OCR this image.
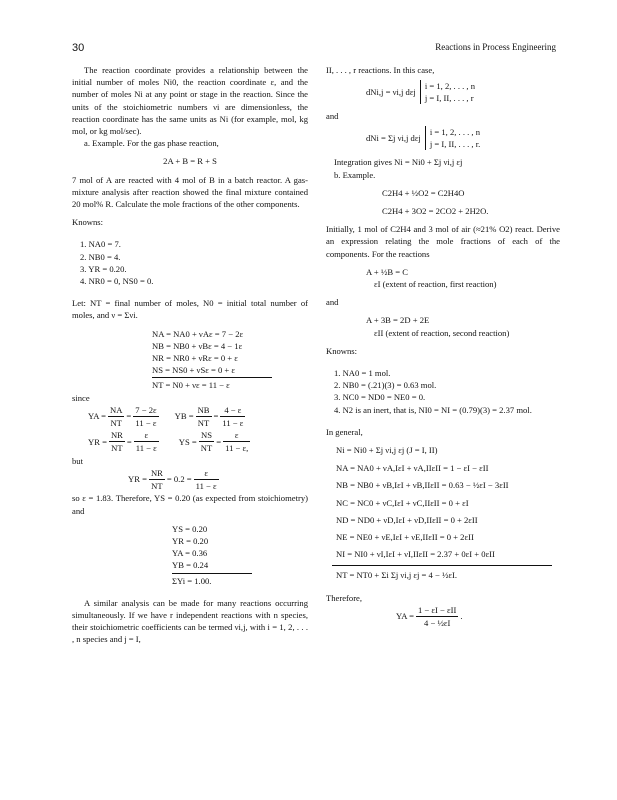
30	Reactions in Process Engineering

The reaction coordinate provides a relationship between the initial number of moles Ni0, the reaction coordinate ε, and the number of moles Ni at any point or stage in the reaction. Since the units of the stoichiometric numbers νi are dimensionless, the reaction coordinate has the same units as Ni (for example, mol, kg mol, or kg mol/sec).

a. Example. For the gas phase reaction,

2A + B = R + S

7 mol of A are reacted with 4 mol of B in a batch reactor. A gas-mixture analysis after reaction showed the final mixture contained 20 mol% R. Calculate the mole fractions of the other components.

Knowns:
1. NA0 = 7.
2. NB0 = 4.
3. YR = 0.20.
4. NR0 = 0, NS0 = 0.

Let: NT = final number of moles, N0 = initial total number of moles, and ν = Σνi.

NA = NA0 + νAε = 7 − 2ε
NB = NB0 + νBε = 4 − 1ε
NR = NR0 + νRε = 0 + ε
NS = NS0 + νSε = 0 + ε
NT = N0 + νε = 11 − ε
since
YA = $\frac{NA}{NT} = \frac{7 - 2\varepsilon}{11 - \varepsilon}$ YB = $\frac{NB}{NT} = \frac{4 - \varepsilon}{11 - \varepsilon}$
YR = $\frac{NR}{NT} = \frac{\varepsilon}{11 - \varepsilon}$ YS = $\frac{NS}{NT} = \frac{\varepsilon}{11 - \varepsilon,}$
but
YR = $\frac{NR}{NT} = 0.2 = \frac{\varepsilon}{11 - \varepsilon}$

so ε = 1.83. Therefore, YS = 0.20 (as expected from stoichiometry) and

YS = 0.20
YR = 0.20
YA = 0.36
YB = 0.24
ΣYi = 1.00.

A similar analysis can be made for many reactions occurring simultaneously. If we have r independent reactions with n species, their stoichiometric coefficients can be termed νi,j, with i = 1, 2, . . . , n species and j = I,

II, . . . , r reactions. In this case,

dNi,j = νi,j dεj
i = 1, 2, . . . , n
j = I, II, . . . , r
and
dNi = Σj νi,j dεj
i = 1, 2, . . . , n
j = I, II, . . . , r.
Integration gives Ni = Ni0 + Σj νi,j εj
b. Example.
C2H4 + ½O2 = C2H4O
C2H4 + 3O2 = 2CO2 + 2H2O.

Initially, 1 mol of C2H4 and 3 mol of air (≈21% O2) react. Derive an expression relating the mole fractions of each of the components. For the reactions

A + ½B = C
εI (extent of reaction, first reaction)
and
A + 3B = 2D + 2E
εII (extent of reaction, second reaction)
Knowns:
1. NA0 = 1 mol.
2. NB0 = (.21)(3) = 0.63 mol.
3. NC0 = ND0 = NE0 = 0.
4. N2 is an inert, that is, NI0 = NI = (0.79)(3) = 2.37 mol.
In general,
Ni = Ni0 + Σj νi,j εj (J = I, II)
NA = NA0 + νA,IεI + νA,IIεII = 1 − εI − εII
NB = NB0 + νB,IεI + νB,IIεII = 0.63 − ½εI − 3εII
NC = NC0 + νC,IεI + νC,IIεII = 0 + εI
ND = ND0 + νD,IεI + νD,IIεII = 0 + 2εII
NE = NE0 + νE,IεI + νE,IIεII = 0 + 2εII
NI = NI0 + νI,IεI + νI,IIεII = 2.37 + 0εI + 0εII
NT = NT0 + Σi Σj νi,j εj = 4 − ½εI.
Therefore,
YA = $\frac{\text{1 − εI − εII}}{\text{4 − ½εI}}$ .
